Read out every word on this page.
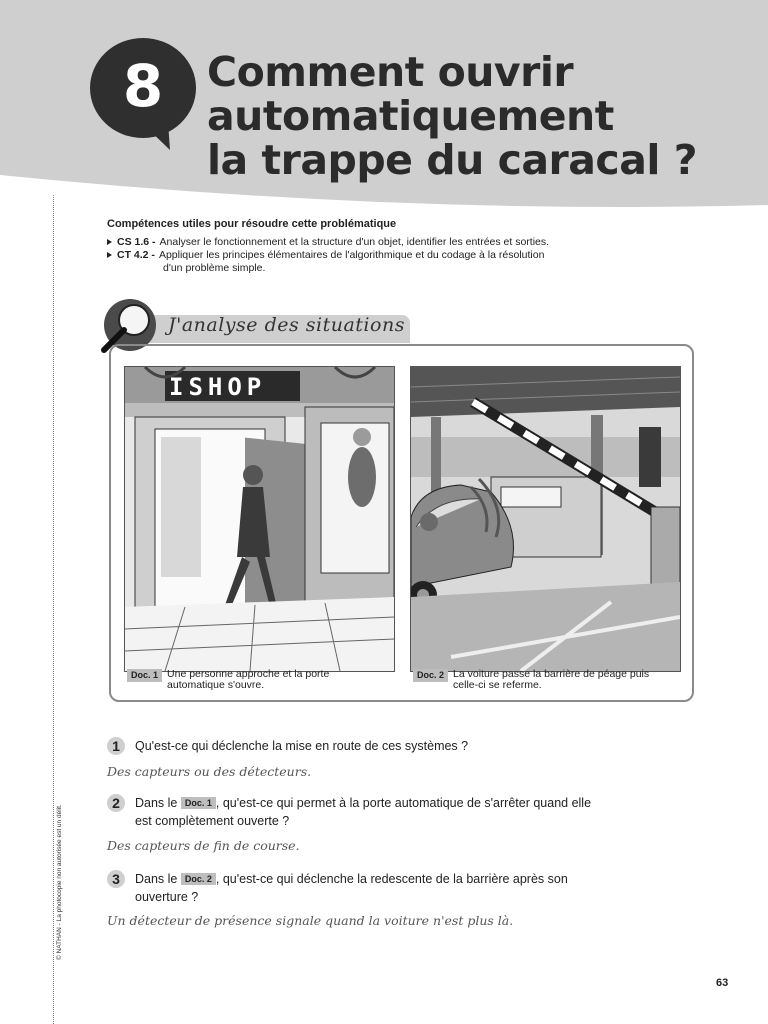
8	Comment ouvrir
automatiquement
la trappe du caracal ?
Compétences utiles pour résoudre cette problématique
CS 1.6 - Analyser le fonctionnement et la structure d'un objet, identifier les entrées et sorties.
CT 4.2 - Appliquer les principes élémentaires de l'algorithmique et du codage à la résolution
d'un problème simple.
J'analyse des situations
ISHOP
Doc. 1 Une personne approche et la porte automatique s'ouvre.
Doc. 2 La voiture passe la barrière de péage puis celle-ci se referme.
1	Qu'est-ce qui déclenche la mise en route de ces systèmes ?
Des capteurs ou des détecteurs.
2	Dans le Doc. 1 , qu'est-ce qui permet à la porte automatique de s'arrêter quand elle est complètement ouverte ?
Des capteurs de fin de course.
3	Dans le Doc. 2 , qu'est-ce qui déclenche la redescente de la barrière après son ouverture ?
Un détecteur de présence signale quand la voiture n'est plus là.
© NATHAN - La photocopie non autorisée est un délit.
63
